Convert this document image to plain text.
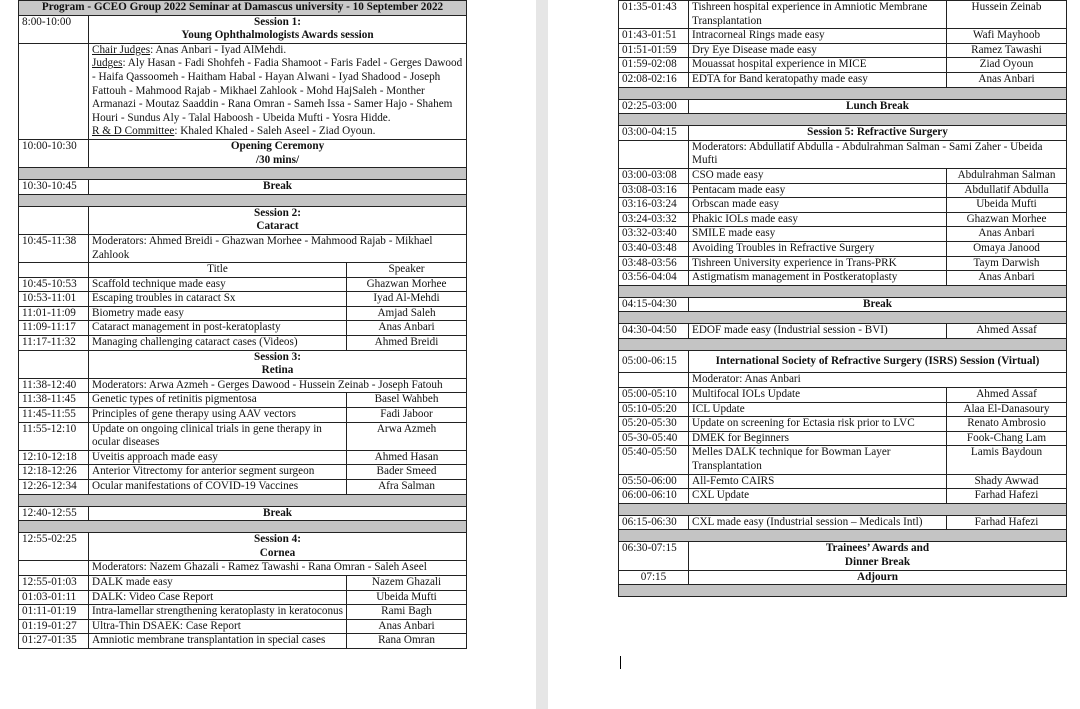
Program - GCEO Group 2022 Seminar at Damascus university - 10 September 2022		
8:00-10:00	Session 1:
Young Ophthalmologists Awards session	

	Chair Judges: Anas Anbari - Iyad AlMehdi.
Judges: Aly Hasan - Fadi Shohfeh - Fadia Shamoot - Faris Fadel - Gerges Dawood - Haifa Qassoomeh - Haitham Habal - Hayan Alwani - Iyad Shadood - Joseph Fattouh - Mahmood Rajab - Mikhael Zahlook - Mohd HajSaleh - Monther Armanazi - Moutaz Saaddin - Rana Omran - Sameh Issa - Samer Hajo - Shahem Houri - Sundus Aly - Talal Haboosh - Ubeida Mufti - Yosra Hidde.
R & D Committee: Khaled Khaled - Saleh Aseel - Ziad Oyoun.	

10:00-10:30	Opening Ceremony
/30 mins/	

10:30-10:45	Break	

	Session 2:
Cataract	

10:45-11:38	Moderators: Ahmed Breidi - Ghazwan Morhee - Mahmood Rajab - Mikhael Zahlook	
	Title	Speaker
10:45-10:53	Scaffold technique made easy	Ghazwan Morhee
10:53-11:01	Escaping troubles in cataract Sx	Iyad Al-Mehdi
11:01-11:09	Biometry made easy	Amjad Saleh
11:09-11:17	Cataract management in post-keratoplasty	Anas Anbari
11:17-11:32	Managing challenging cataract cases (Videos)	Ahmed Breidi

	Session 3:
Retina	

11:38-12:40	Moderators: Arwa Azmeh - Gerges Dawood - Hussein Zeinab - Joseph Fatouh	
11:38-11:45	Genetic types of retinitis pigmentosa	Basel Wahbeh
11:45-11:55	Principles of gene therapy using AAV vectors	Fadi Jaboor
11:55-12:10	Update on ongoing clinical trials in gene therapy in ocular diseases	Arwa Azmeh
12:10-12:18	Uveitis approach made easy	Ahmed Hasan
12:18-12:26	Anterior Vitrectomy for anterior segment surgeon	Bader Smeed
12:26-12:34	Ocular manifestations of COVID-19 Vaccines	Afra Salman

12:40-12:55	Break	

12:55-02:25	Session 4:
Cornea	

	Moderators: Nazem Ghazali - Ramez Tawashi - Rana Omran - Saleh Aseel	
12:55-01:03	DALK made easy	Nazem Ghazali
01:03-01:11	DALK: Video Case Report	Ubeida Mufti
01:11-01:19	Intra-lamellar strengthening keratoplasty in keratoconus	Rami Bagh
01:19-01:27	Ultra-Thin DSAEK: Case Report	Anas Anbari
01:27-01:35	Amniotic membrane transplantation in special cases	Rana Omran
01:35-01:43	Tishreen hospital experience in Amniotic Membrane Transplantation	Hussein Zeinab
01:43-01:51	Intracorneal Rings made easy	Wafi Mayhoob
01:51-01:59	Dry Eye Disease made easy	Ramez Tawashi
01:59-02:08	Mouassat hospital experience in MICE	Ziad Oyoun
02:08-02:16	EDTA for Band keratopathy made easy	Anas Anbari

02:25-03:00	Lunch Break	

03:00-04:15	Session 5: Refractive Surgery	
	Moderators: Abdullatif Abdulla - Abdulrahman Salman - Sami Zaher - Ubeida Mufti	
03:00-03:08	CSO made easy	Abdulrahman Salman
03:08-03:16	Pentacam made easy	Abdullatif Abdulla
03:16-03:24	Orbscan made easy	Ubeida Mufti
03:24-03:32	Phakic IOLs made easy	Ghazwan Morhee
03:32-03:40	SMILE made easy	Anas Anbari
03:40-03:48	Avoiding Troubles in Refractive Surgery	Omaya Janood
03:48-03:56	Tishreen University experience in Trans-PRK	Taym Darwish
03:56-04:04	Astigmatism management in Postkeratoplasty	Anas Anbari

04:15-04:30	Break	

04:30-04:50	EDOF made easy (Industrial session - BVI)	Ahmed Assaf

05:00-06:15	International Society of Refractive Surgery (ISRS) Session (Virtual)	
	Moderator: Anas Anbari	
05:00-05:10	Multifocal IOLs Update	Ahmed Assaf
05:10-05:20	ICL Update	Alaa El-Danasoury
05:20-05:30	Update on screening for Ectasia risk prior to LVC	Renato Ambrosio
05-30-05:40	DMEK for Beginners	Fook-Chang Lam
05:40-05:50	Melles DALK technique for Bowman Layer Transplantation	Lamis Baydoun
05:50-06:00	All-Femto CAIRS	Shady Awwad
06:00-06:10	CXL Update	Farhad Hafezi

06:15-06:30	CXL made easy (Industrial session – Medicals Intl)	Farhad Hafezi

06:30-07:15	Trainees’ Awards and
Dinner Break	

07:15	Adjourn	
